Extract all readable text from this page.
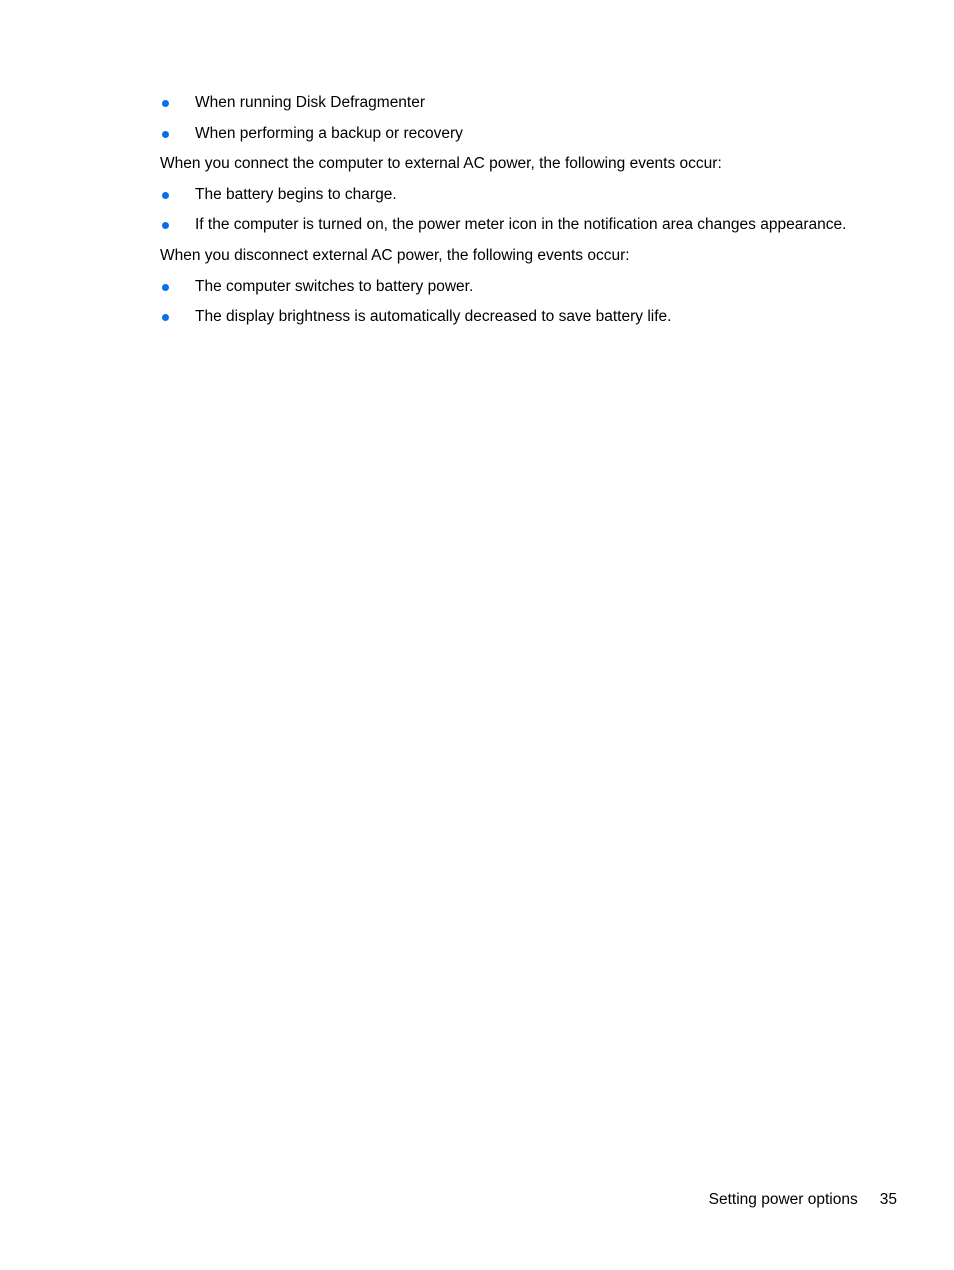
When running Disk Defragmenter
When performing a backup or recovery

When you connect the computer to external AC power, the following events occur:

The battery begins to charge.
If the computer is turned on, the power meter icon in the notification area changes appearance.

When you disconnect external AC power, the following events occur:

The computer switches to battery power.
The display brightness is automatically decreased to save battery life.
Setting power options 35
